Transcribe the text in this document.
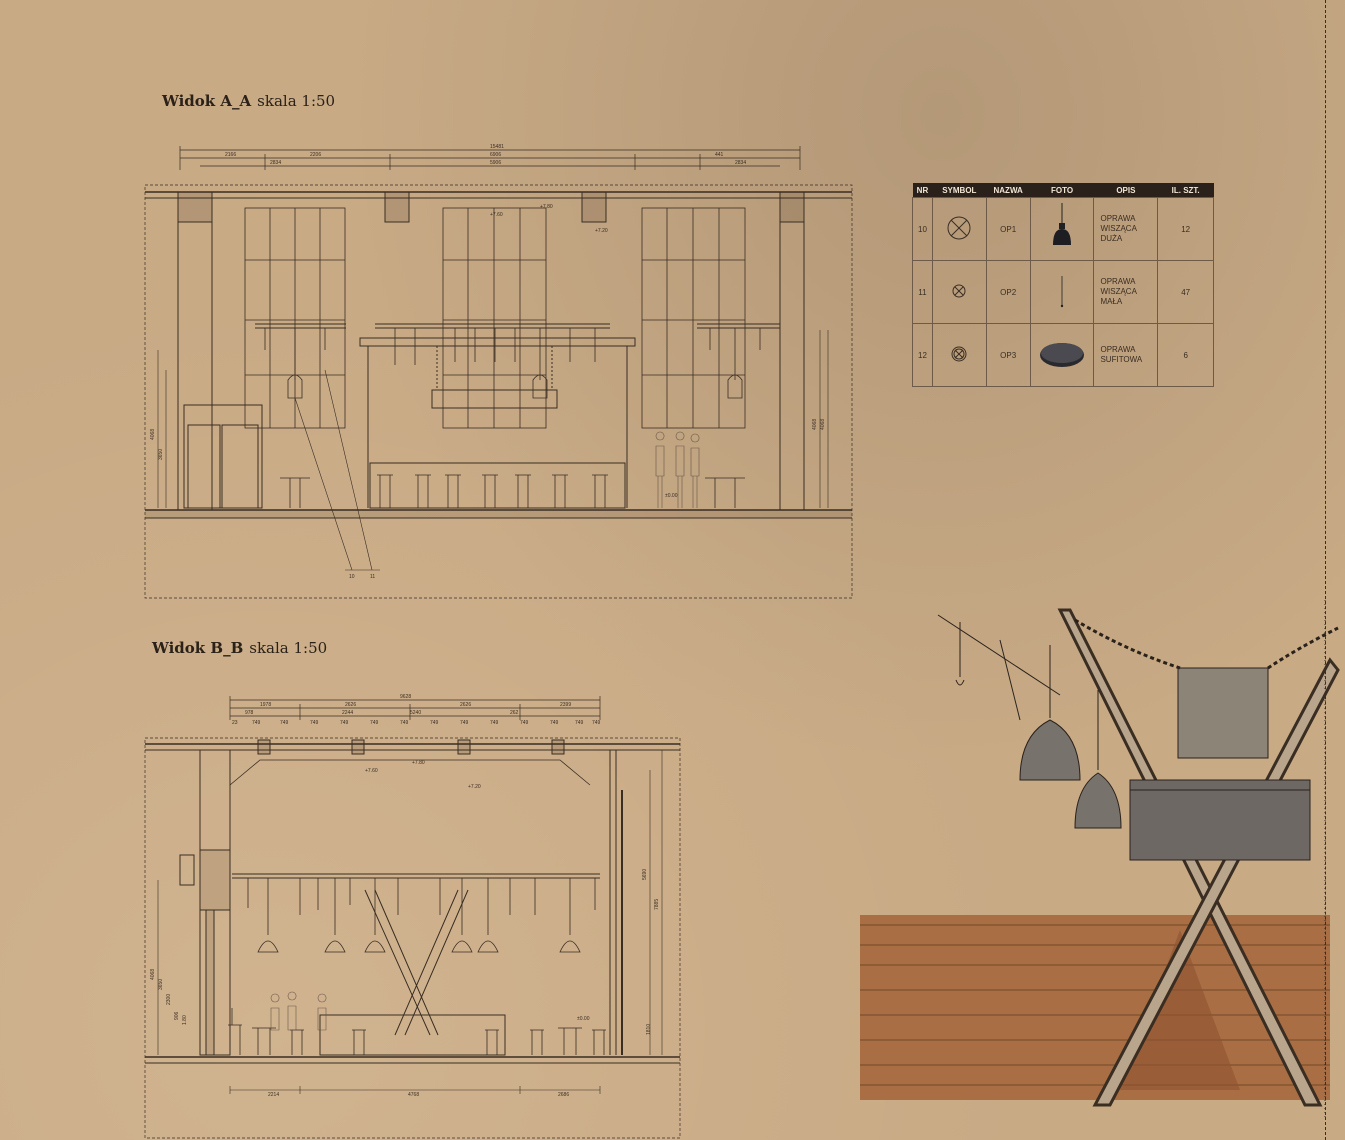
Widok A_A skala 1:50
Widok B_B skala 1:50
15481
2166	2206	6906
5906
2834
441
2834
+7.60
+7.80
+7.20
±0.00
4068
3650
4068 4068
10	11
NR	SYMBOL	NAZWA	FOTO	OPIS	IL. SZT.
10		OP1		OPRAWA
WISZĄCA
DUŻA	12
11		OP2		OPRAWA
WISZĄCA
MAŁA	47
12		OP3		OPRAWA
SUFITOWA	6
9628
1978	2626	2626	2399
978	5240
2244	262
23	749	749	749	749	749	749	749	749	749	749	749	749 749
+7.60
+7.80
+7.20
±0.00
4068
3650
2300
906 1.80
5690
7885
1810
2214	4768	2686
